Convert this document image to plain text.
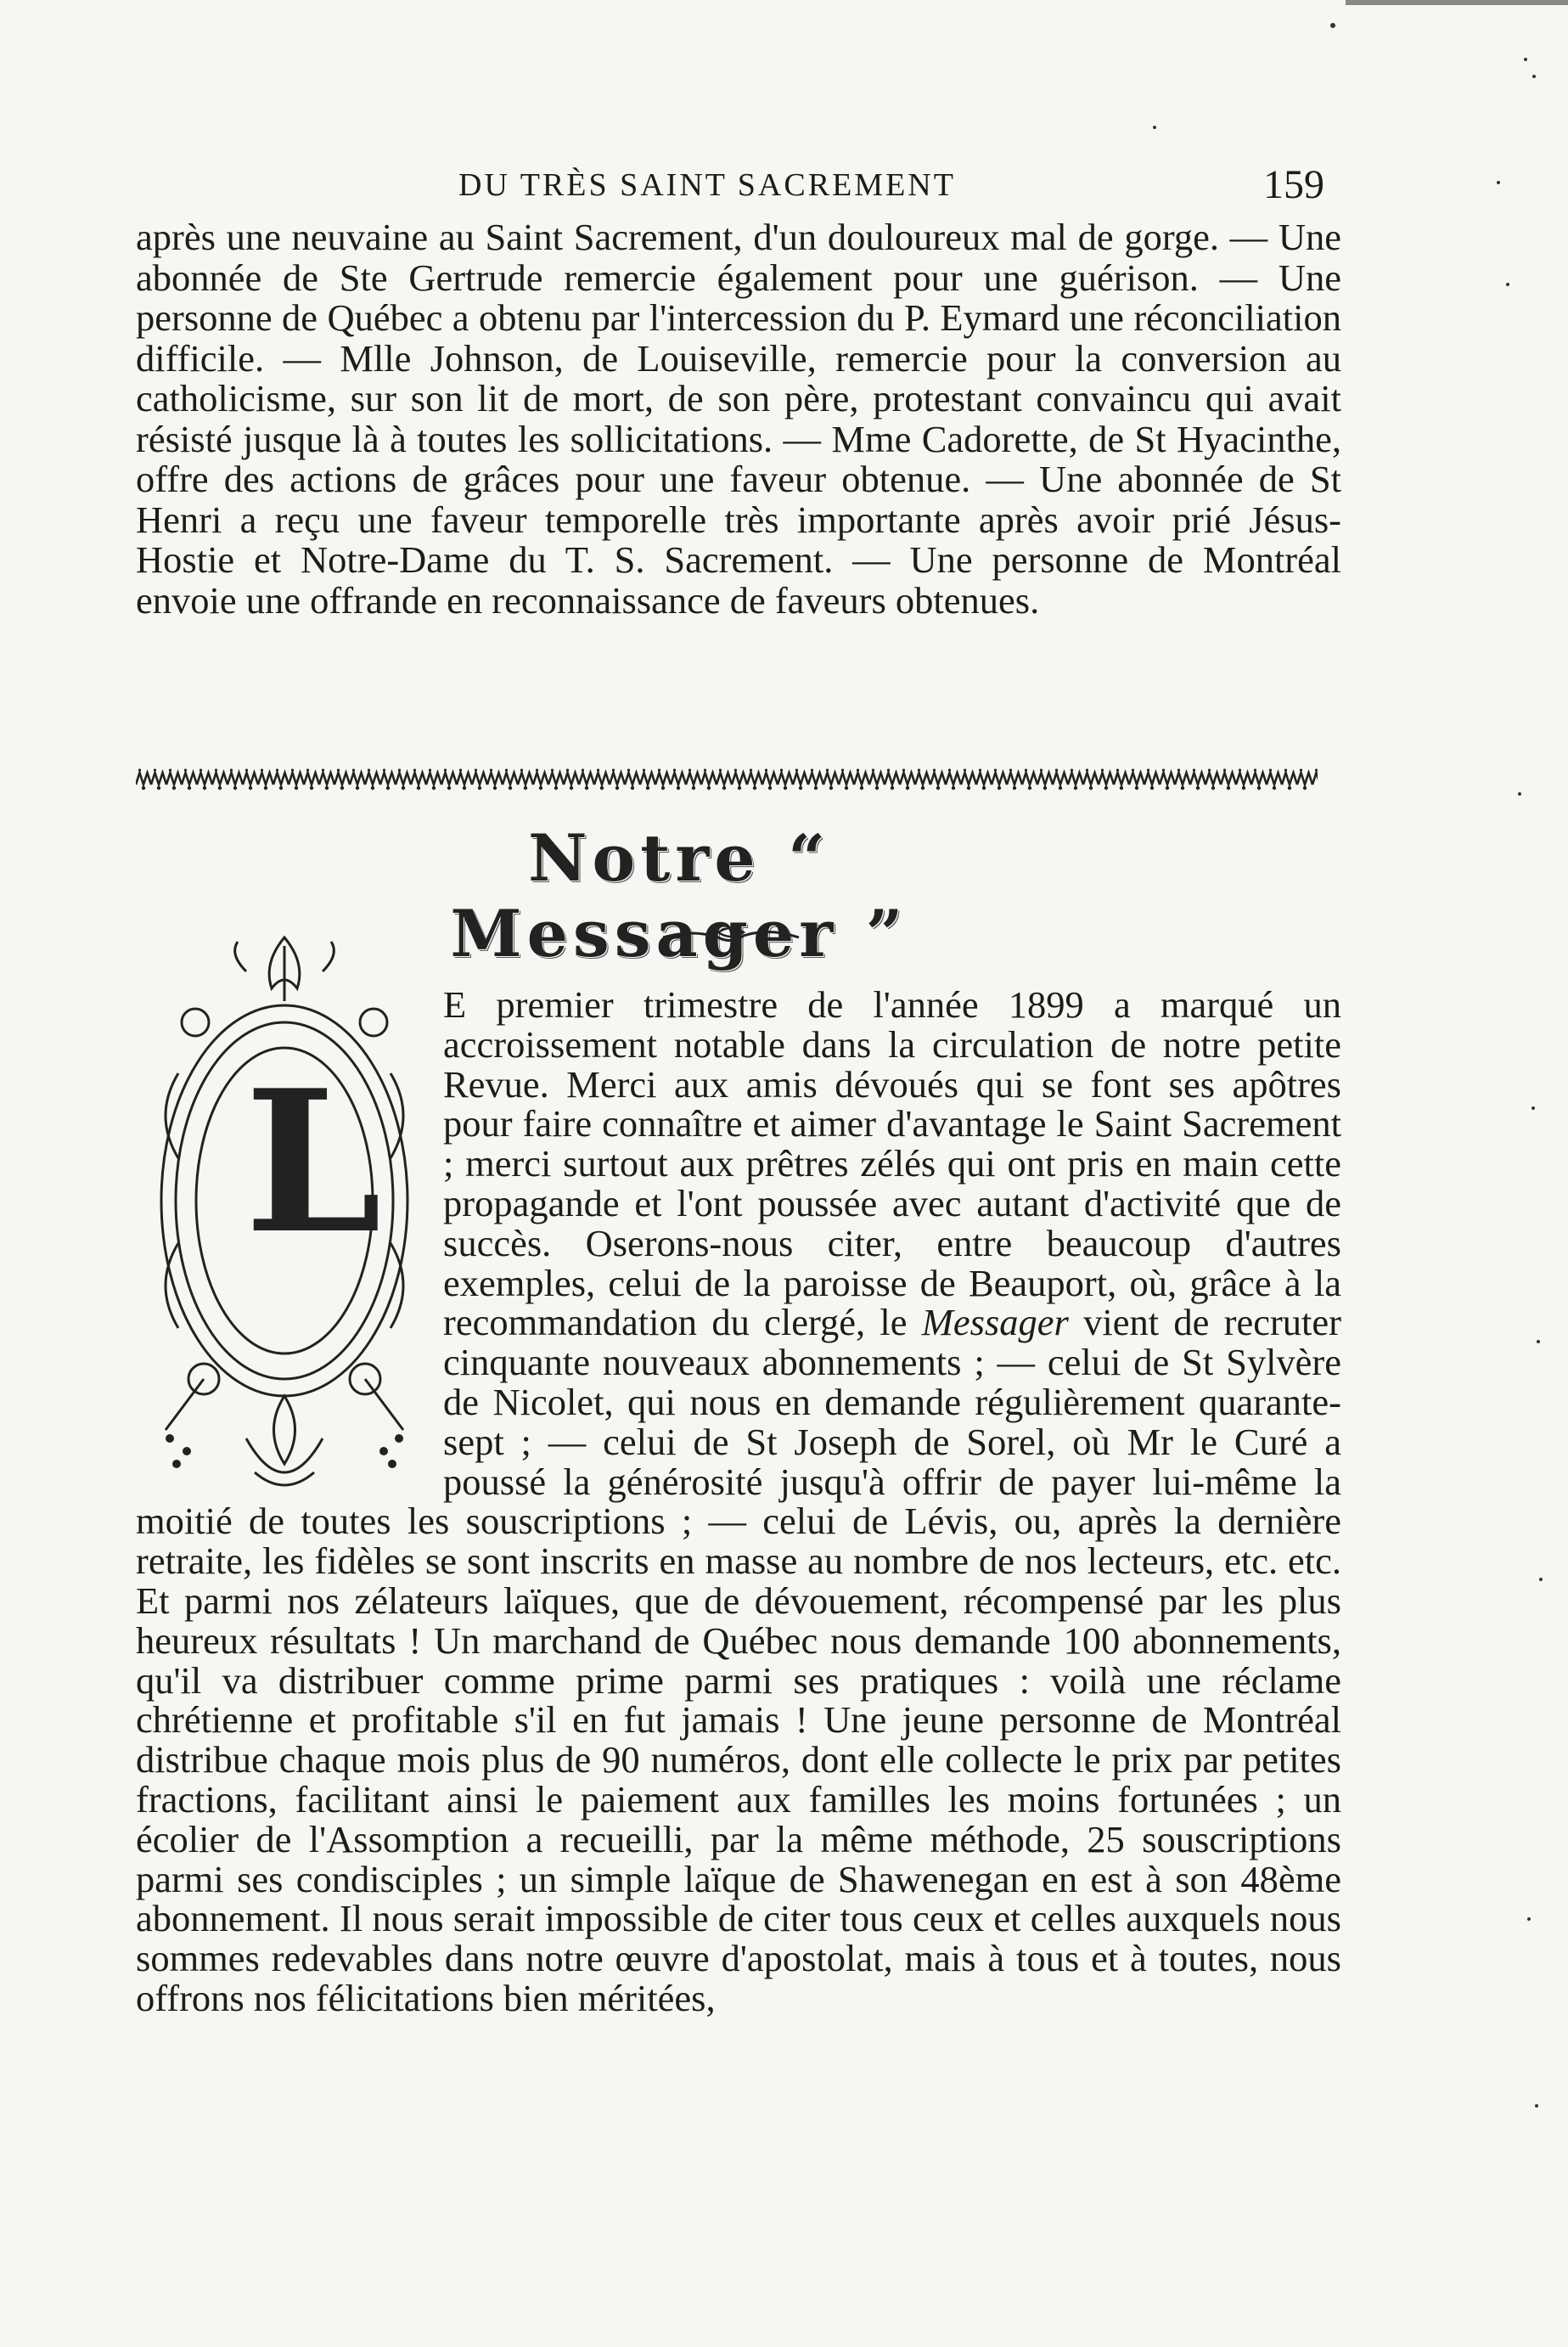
DU TRÈS SAINT SACREMENT	159

après une neuvaine au Saint Sacrement, d'un douloureux mal de gorge. — Une abonnée de Ste Gertrude remercie également pour une guérison. — Une personne de Québec a obtenu par l'intercession du P. Eymard une réconciliation difficile. — Mlle Johnson, de Louiseville, remercie pour la conversion au catholicisme, sur son lit de mort, de son père, protestant convaincu qui avait résisté jusque là à toutes les sollicitations. — Mme Cadorette, de St Hyacinthe, offre des actions de grâces pour une faveur obtenue. — Une abonnée de St Henri a reçu une faveur temporelle très importante après avoir prié Jésus-Hostie et Notre-Dame du T. S. Sacrement. — Une personne de Montréal envoie une offrande en reconnaissance de faveurs obtenues.

Notre “ Messager ”
L

E premier trimestre de l'année 1899 a marqué un accroissement notable dans la circulation de notre petite Revue. Merci aux amis dévoués qui se font ses apôtres pour faire connaître et aimer d'avantage le Saint Sacrement ; merci surtout aux prêtres zélés qui ont pris en main cette propagande et l'ont poussée avec autant d'activité que de succès. Oserons-nous citer, entre beaucoup d'autres exemples, celui de la paroisse de Beauport, où, grâce à la recommandation du clergé, le Messager vient de recruter cinquante nouveaux abonnements ; — celui de St Sylvère de Nicolet, qui nous en demande régulièrement quarante-sept ; — celui de St Joseph de Sorel, où Mr le Curé a poussé la générosité jusqu'à offrir de payer lui-même la moitié de toutes les souscriptions ; — celui de Lévis, ou, après la dernière retraite, les fidèles se sont inscrits en masse au nombre de nos lecteurs, etc. etc. Et parmi nos zélateurs laïques, que de dévouement, récompensé par les plus heureux résultats ! Un marchand de Québec nous demande 100 abonnements, qu'il va distribuer comme prime parmi ses pratiques : voilà une réclame chrétienne et profitable s'il en fut jamais ! Une jeune personne de Montréal distribue chaque mois plus de 90 numéros, dont elle collecte le prix par petites fractions, facilitant ainsi le paiement aux familles les moins fortunées ; un écolier de l'Assomption a recueilli, par la même méthode, 25 souscriptions parmi ses condisciples ; un simple laïque de Shawenegan en est à son 48ème abonnement. Il nous serait impossible de citer tous ceux et celles auxquels nous sommes redevables dans notre œuvre d'apostolat, mais à tous et à toutes, nous offrons nos félicitations bien méritées,
